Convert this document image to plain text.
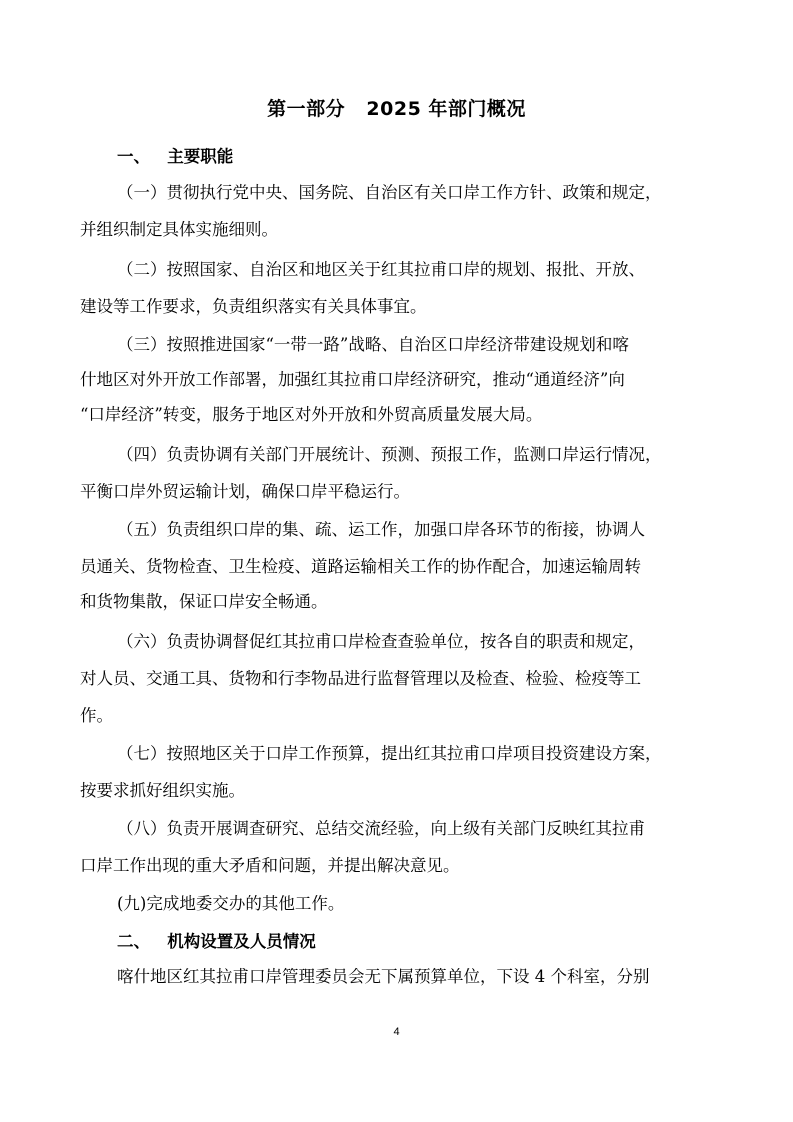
第一部分   2025 年部门概况
一、   主要职能
（一）贯彻执行党中央、国务院、自治区有关口岸工作方针、政策和规定，
并组织制定具体实施细则。
（二）按照国家、自治区和地区关于红其拉甫口岸的规划、报批、开放、
建设等工作要求，负责组织落实有关具体事宜。
（三）按照推进国家“一带一路”战略、自治区口岸经济带建设规划和喀
什地区对外开放工作部署，加强红其拉甫口岸经济研究，推动“通道经济”向
“口岸经济”转变，服务于地区对外开放和外贸高质量发展大局。
（四）负责协调有关部门开展统计、预测、预报工作，监测口岸运行情况，
平衡口岸外贸运输计划，确保口岸平稳运行。
（五）负责组织口岸的集、疏、运工作，加强口岸各环节的衔接，协调人
员通关、货物检查、卫生检疫、道路运输相关工作的协作配合，加速运输周转
和货物集散，保证口岸安全畅通。
（六）负责协调督促红其拉甫口岸检查查验单位，按各自的职责和规定，
对人员、交通工具、货物和行李物品进行监督管理以及检查、检验、检疫等工
作。
（七）按照地区关于口岸工作预算，提出红其拉甫口岸项目投资建设方案，
按要求抓好组织实施。
（八）负责开展调查研究、总结交流经验，向上级有关部门反映红其拉甫
口岸工作出现的重大矛盾和问题，并提出解决意见。
(九)完成地委交办的其他工作。
二、   机构设置及人员情况
喀什地区红其拉甫口岸管理委员会无下属预算单位，下设 4 个科室，分别
4
